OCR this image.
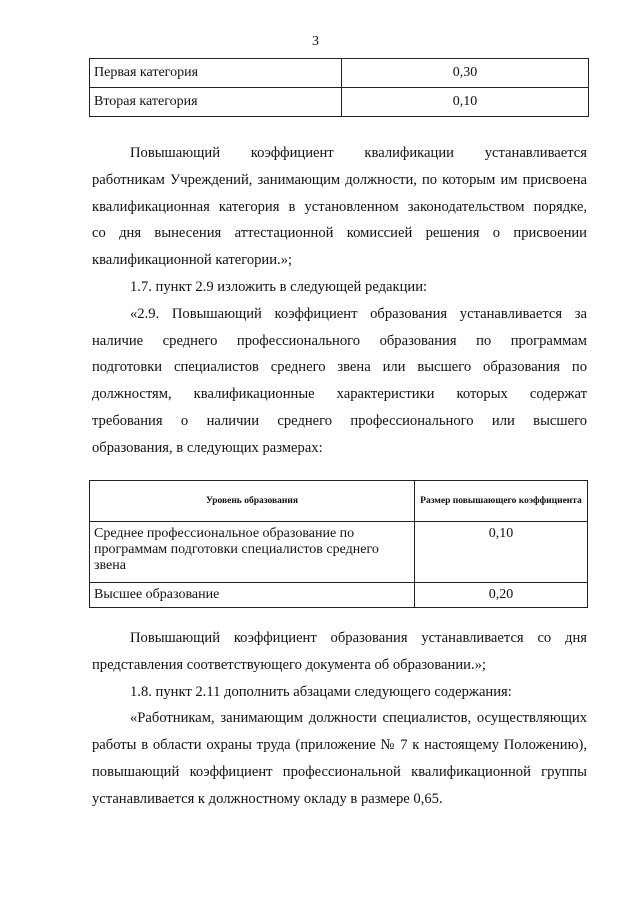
3
Первая категория	0,30
Вторая категория	0,10
Повышающий коэффициент квалификации устанавливается
работникам Учреждений, занимающим должности, по которым им присвоена
квалификационная категория в установленном законодательством порядке,
со дня вынесения аттестационной комиссией решения о присвоении
квалификационной категории.»;
1.7. пункт 2.9 изложить в следующей редакции:
«2.9. Повышающий коэффициент образования устанавливается за
наличие среднего профессионального образования по программам
подготовки специалистов среднего звена или высшего образования по
должностям, квалификационные характеристики которых содержат
требования о наличии среднего профессионального или высшего
образования, в следующих размерах:
Уровень образования	Размер повышающего коэффициента
Среднее профессиональное образование по программам подготовки специалистов среднего звена	0,10
Высшее образование	0,20
Повышающий коэффициент образования устанавливается со дня
представления соответствующего документа об образовании.»;
1.8. пункт 2.11 дополнить абзацами следующего содержания:
«Работникам, занимающим должности специалистов, осуществляющих
работы в области охраны труда (приложение № 7 к настоящему Положению),
повышающий коэффициент профессиональной квалификационной группы
устанавливается к должностному окладу в размере 0,65.
